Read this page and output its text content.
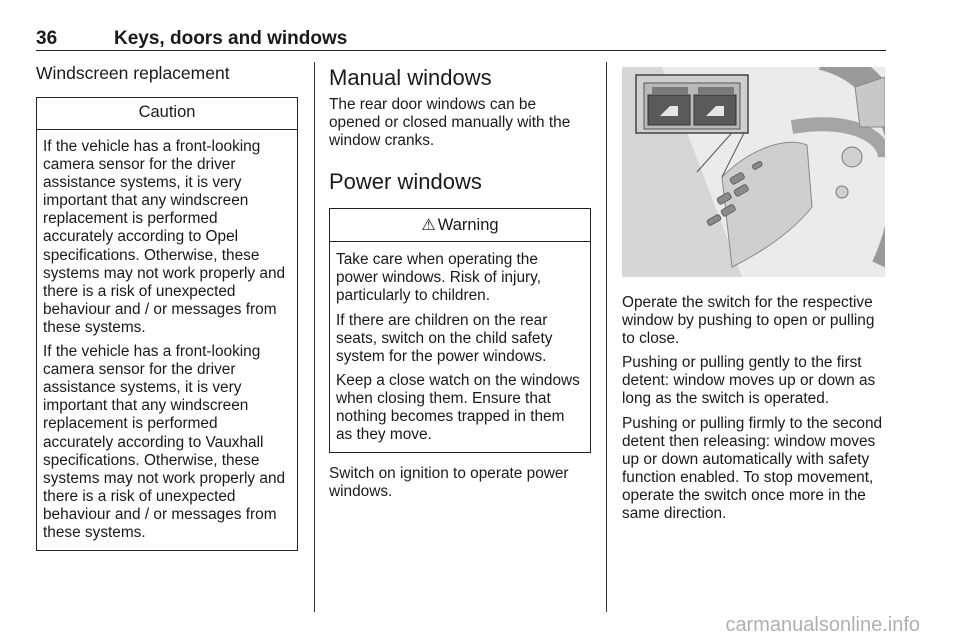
36	Keys, doors and windows
Windscreen replacement
Caution

If the vehicle has a front-looking camera sensor for the driver assistance systems, it is very important that any windscreen replacement is performed accurately according to Opel specifications. Otherwise, these systems may not work properly and there is a risk of unexpected behaviour and / or messages from these systems.

If the vehicle has a front-looking camera sensor for the driver assistance systems, it is very important that any windscreen replacement is performed accurately according to Vauxhall specifications. Otherwise, these systems may not work properly and there is a risk of unexpected behaviour and / or messages from these systems.

Manual windows

The rear door windows can be opened or closed manually with the window cranks.

Power windows
⚠ Warning

Take care when operating the power windows. Risk of injury, particularly to children.

If there are children on the rear seats, switch on the child safety system for the power windows.

Keep a close watch on the windows when closing them. Ensure that nothing becomes trapped in them as they move.

Switch on ignition to operate power windows.

Operate the switch for the respective window by pushing to open or pulling to close.

Pushing or pulling gently to the first detent: window moves up or down as long as the switch is operated.

Pushing or pulling firmly to the second detent then releasing: window moves up or down automatically with safety function enabled. To stop movement, operate the switch once more in the same direction.

carmanualsonline.info
